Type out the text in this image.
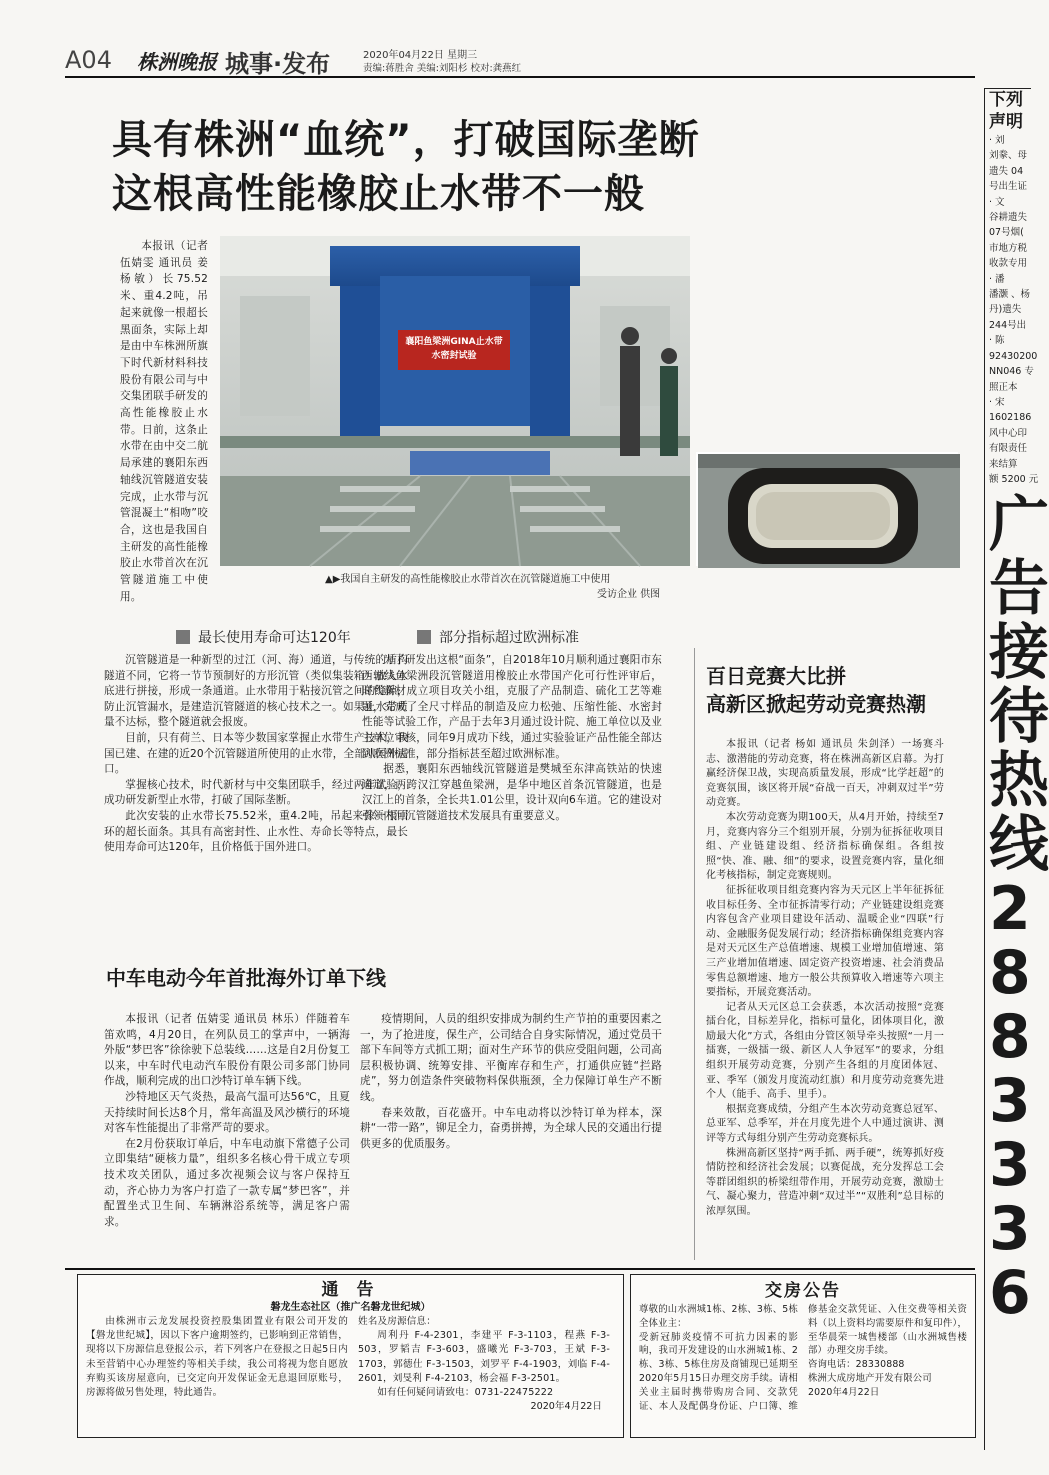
A04 株洲晚报 城事·发布	2020年04月22日 星期三
责编:蒋胜舍 美编:刘阳杉 校对:龚燕红
具有株洲“血统”，打破国际垄断
这根高性能橡胶止水带不一般

本报讯（记者 伍婧雯 通讯员 姜杨敏）长75.52米、重4.2吨，吊起来就像一根超长黑面条，实际上却是由中车株洲所旗下时代新材料科技股份有限公司与中交集团联手研发的高性能橡胶止水带。日前，这条止水带在由中交二航局承建的襄阳东西轴线沉管隧道安装完成，止水带与沉管混凝土“相吻”咬合，这也是我国自主研发的高性能橡胶止水带首次在沉管隧道施工中使用。

襄阳鱼梁洲GINA止水带水密封试验
▲▶我国自主研发的高性能橡胶止水带首次在沉管隧道施工中使用
受访企业 供图
最长使用寿命可达120年

沉管隧道是一种新型的过江（河、海）通道，与传统的盾构隧道不同，它将一节节预制好的方形沉管（类似集装箱）放入水底进行拼接，形成一条通道。止水带用于粘接沉管之间的缝隙，防止沉管漏水，是建造沉管隧道的核心技术之一。如果止水带质量不达标，整个隧道就会报废。

目前，只有荷兰、日本等少数国家掌握止水带生产技术，我国已建、在建的近20个沉管隧道所使用的止水带，全部从国外进口。

掌握核心技术，时代新材与中交集团联手，经过两年试验，成功研发新型止水带，打破了国际垄断。

此次安装的止水带长75.52米，重4.2吨，吊起来像一根回环的超长面条。其具有高密封性、止水性、寿命长等特点，最长使用寿命可达120年，且价格低于国外进口。

部分指标超过欧洲标准

为了研发出这根“面条”，自2018年10月顺利通过襄阳市东西轴线鱼梁洲段沉管隧道用橡胶止水带国产化可行性评审后，时代新材成立项目攻关小组，克服了产品制造、硫化工艺等难题，完成了全尺寸样品的制造及应力松弛、压缩性能、水密封性能等试验工作，产品于去年3月通过设计院、施工单位以及业主单位审核，同年9月成功下线，通过实验验证产品性能全部达到欧洲标准，部分指标甚至超过欧洲标准。

据悉，襄阳东西轴线沉管隧道是樊城至东津高铁站的快速通道，两跨汉江穿越鱼梁洲，是华中地区首条沉管隧道，也是汉江上的首条，全长共1.01公里，设计双向6车道。它的建设对引领内河沉管隧道技术发展具有重要意义。

中车电动今年首批海外订单下线

本报讯（记者 伍婧雯 通讯员 林乐）伴随着车笛欢鸣，4月20日，在列队员工的掌声中，一辆海外版“梦巴客”徐徐驶下总装线……这是自2月份复工以来，中车时代电动汽车股份有限公司多部门协同作战，顺利完成的出口沙特订单车辆下线。

沙特地区天气炎热，最高气温可达56℃，且夏天持续时间长达8个月，常年高温及风沙横行的环境对客车性能提出了非常严苛的要求。

在2月份获取订单后，中车电动旗下常德子公司立即集结“硬核力量”，组织多名核心骨干成立专项技术攻关团队，通过多次视频会议与客户保持互动，齐心协力为客户打造了一款专属“梦巴客”，并配置坐式卫生间、车辆淋浴系统等，满足客户需求。

疫情期间，人员的组织安排成为制约生产节拍的重要因素之一，为了抢进度，保生产，公司结合自身实际情况，通过党员干部下车间等方式抓工期；面对生产环节的供应受阻问题，公司高层积极协调、统筹安排、平衡库存和生产，打通供应链“拦路虎”，努力创造条件突破物料保供瓶颈，全力保障订单生产不断线。

春来效散，百花盛开。中车电动将以沙特订单为样本，深耕“一带一路”，铆足全力，奋勇拼搏，为全球人民的交通出行提供更多的优质服务。

百日竞赛大比拼
高新区掀起劳动竞赛热潮

本报讯（记者 杨如 通讯员 朱剑泽）一场赛斗志、激潜能的劳动竞赛，将在株洲高新区启幕。为打赢经济保卫战，实现高质量发展，形成“比学赶超”的竞赛氛围，该区将开展“奋战一百天，冲刺双过半”劳动竞赛。

本次劳动竞赛为期100天，从4月开始，持续至7月，竞赛内容分三个组别开展，分别为征拆征收项目组、产业链建设组、经济指标确保组。各组按照“快、准、融、细”的要求，设置竞赛内容，量化细化考核指标，制定竞赛规则。

征拆征收项目组竞赛内容为天元区上半年征拆征收目标任务、全市征拆清零行动；产业链建设组竞赛内容包含产业项目建设年活动、温暖企业“四联”行动、金融服务促发展行动；经济指标确保组竞赛内容是对天元区生产总值增速、规模工业增加值增速、第三产业增加值增速、固定资产投资增速、社会消费品零售总额增速、地方一般公共预算收入增速等六项主要指标，开展竞赛活动。

记者从天元区总工会获悉，本次活动按照“竞赛擂台化，目标差异化，指标可量化，团体项目化，激励最大化”方式，各组由分管区领导牵头按照“一月一擂赛，一级擂一级、新区人人争冠军”的要求，分组组织开展劳动竞赛，分别产生各组的月度团体冠、亚、季军（颁发月度流动红旗）和月度劳动竞赛先进个人（能手、高手、里手）。

根据竞赛成绩，分组产生本次劳动竞赛总冠军、总亚军、总季军，并在月度先进个人中通过演讲、测评等方式每组分别产生劳动竞赛标兵。

株洲高新区坚持“两手抓、两手硬”，统筹抓好疫情防控和经济社会发展；以赛促战，充分发挥总工会等群团组织的桥梁纽带作用，开展劳动竞赛，激励士气、凝心聚力，营造冲刺“双过半”“双胜利”总目标的浓厚氛围。

通 告
磐龙生态社区（推广名磐龙世纪城）

由株洲市云龙发展投资控股集团置业有限公司开发的【磐龙世纪城】，因以下客户逾期签约，已影响到正常销售，现将以下房源信息登报公示，若下列客户在登报之日起5日内未至营销中心办理签约等相关手续，我公司将视为您自愿放弃购买该房屋意向，已交定向开发保证金无息退回原账号，房源将做另售处理，特此通告。

姓名及房源信息：

周利丹 F-4-2301，李建平 F-3-1103，程燕 F-3-503，罗韬吉 F-3-603，盛曦光 F-3-703，王斌 F-3-1703，郭德仕 F-3-1503，刘罗平 F-4-1903，刘临 F-4-2601，刘旻利 F-4-2103，杨会福 F-3-2501。

如有任何疑问请致电：0731-22475222

2020年4月22日

交房公告

尊敬的山水洲城1栋、2栋、3栋、5栋全体业主：
受新冠肺炎疫情不可抗力因素的影响，我司开发建设的山水洲城1栋、2栋、3栋、5栋住房及商铺现已延期至2020年5月15日办理交房手续。请相关业主届时携带购房合同、交款凭证、本人及配偶身份证、户口簿、维修基金交款凭证、入住交费等相关资料（以上资料均需要原件和复印件），至华晨荣一城售楼部（山水洲城售楼部）办理交房手续。
咨询电话：28330888
株洲大成房地产开发有限公司
2020年4月22日

下列
声明
· 刘
刘豢、母
遗失 04
号出生证
· 文
谷耕遗失
07号烟(
市地方税
收款专用
· 潘
潘灏 、杨
丹)遗失
244号出
· 陈
92430200
NN046 专
照正本
· 宋
1602186
风中心印
有限责任
来结算
额 5200 元
广
告
接
待
热
线
2
8
8
3
3
3
6
